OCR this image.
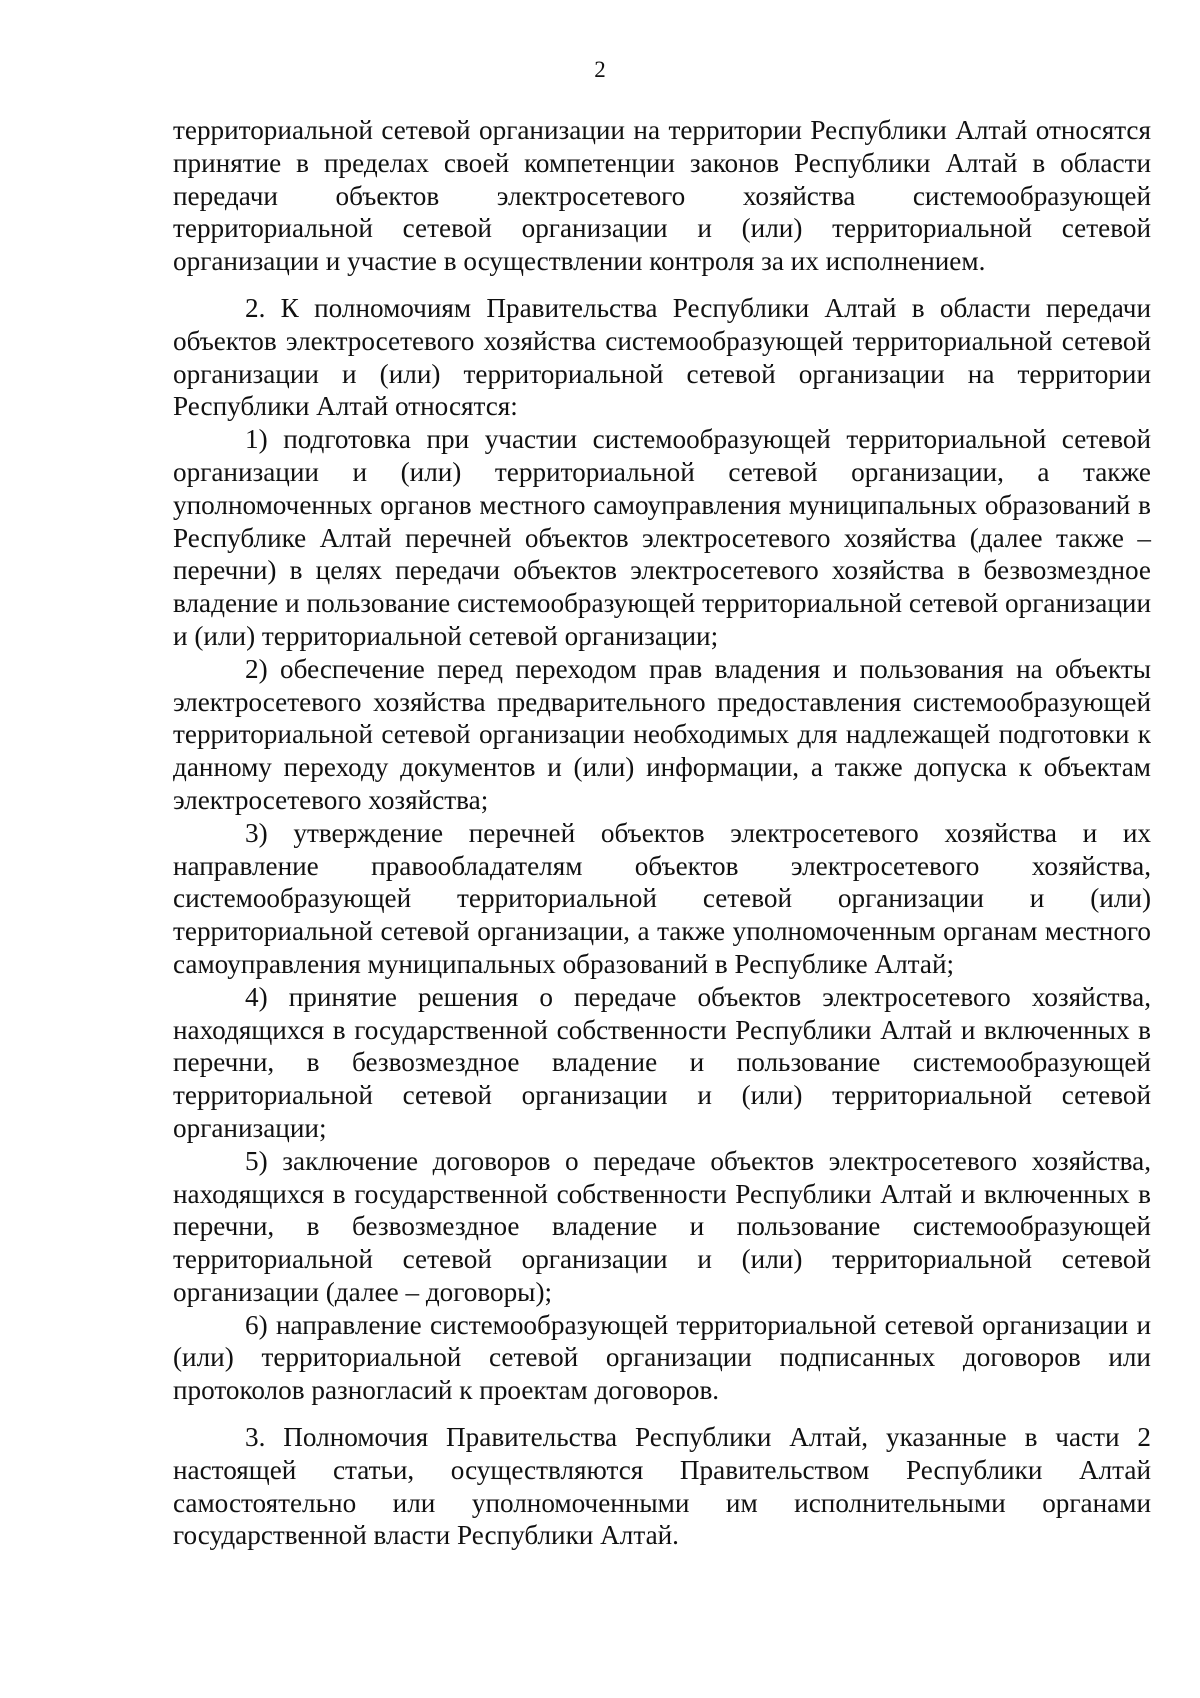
2

территориальной сетевой организации на территории Республики Алтай относятся принятие в пределах своей компетенции законов Республики Алтай в области передачи объектов электросетевого хозяйства системообразующей территориальной сетевой организации и (или) территориальной сетевой организации и участие в осуществлении контроля за их исполнением.

2. К полномочиям Правительства Республики Алтай в области передачи объектов электросетевого хозяйства системообразующей территориальной сетевой организации и (или) территориальной сетевой организации на территории Республики Алтай относятся:

1) подготовка при участии системообразующей территориальной сетевой организации и (или) территориальной сетевой организации, а также уполномоченных органов местного самоуправления муниципальных образований в Республике Алтай перечней объектов электросетевого хозяйства (далее также – перечни) в целях передачи объектов электросетевого хозяйства в безвозмездное владение и пользование системообразующей территориальной сетевой организации и (или) территориальной сетевой организации;

2) обеспечение перед переходом прав владения и пользования на объекты электросетевого хозяйства предварительного предоставления системообразующей территориальной сетевой организации необходимых для надлежащей подготовки к данному переходу документов и (или) информации, а также допуска к объектам электросетевого хозяйства;

3) утверждение перечней объектов электросетевого хозяйства и их направление правообладателям объектов электросетевого хозяйства, системообразующей территориальной сетевой организации и (или) территориальной сетевой организации, а также уполномоченным органам местного самоуправления муниципальных образований в Республике Алтай;

4) принятие решения о передаче объектов электросетевого хозяйства, находящихся в государственной собственности Республики Алтай и включенных в перечни, в безвозмездное владение и пользование системообразующей территориальной сетевой организации и (или) территориальной сетевой организации;

5) заключение договоров о передаче объектов электросетевого хозяйства, находящихся в государственной собственности Республики Алтай и включенных в перечни, в безвозмездное владение и пользование системообразующей территориальной сетевой организации и (или) территориальной сетевой организации (далее – договоры);

6) направление системообразующей территориальной сетевой организации и (или) территориальной сетевой организации подписанных договоров или протоколов разногласий к проектам договоров.

3. Полномочия Правительства Республики Алтай, указанные в части 2 настоящей статьи, осуществляются Правительством Республики Алтай самостоятельно или уполномоченными им исполнительными органами государственной власти Республики Алтай.
